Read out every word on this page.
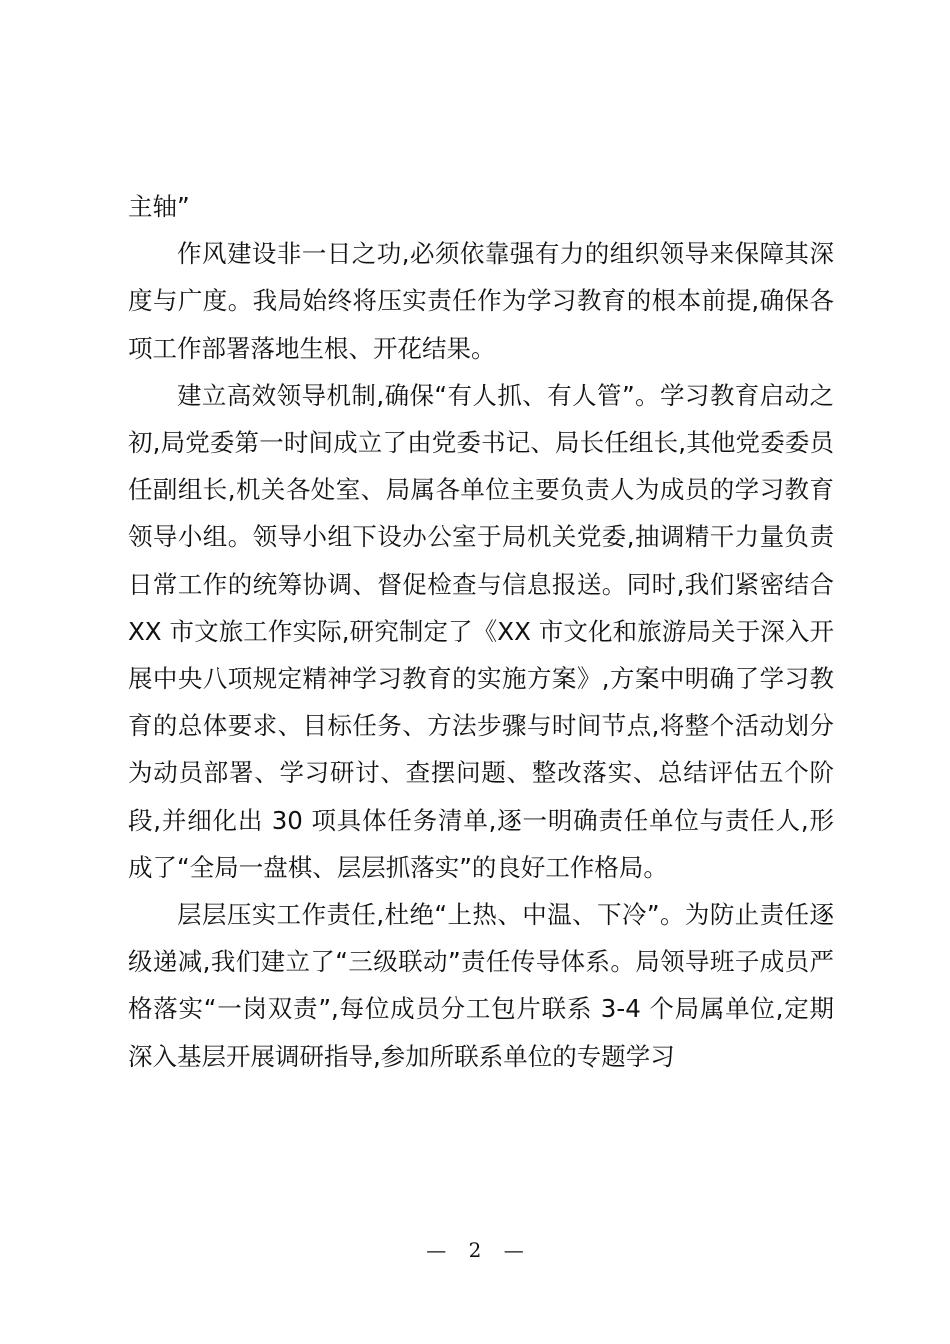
主轴”

作风建设非一日之功,必须依靠强有力的组织领导来保障其深度与广度。我局始终将压实责任作为学习教育的根本前提,确保各项工作部署落地生根、开花结果。

建立高效领导机制,确保“有人抓、有人管”。学习教育启动之初,局党委第一时间成立了由党委书记、局长任组长,其他党委委员任副组长,机关各处室、局属各单位主要负责人为成员的学习教育领导小组。领导小组下设办公室于局机关党委,抽调精干力量负责日常工作的统筹协调、督促检查与信息报送。同时,我们紧密结合 XX 市文旅工作实际,研究制定了《XX 市文化和旅游局关于深入开展中央八项规定精神学习教育的实施方案》,方案中明确了学习教育的总体要求、目标任务、方法步骤与时间节点,将整个活动划分为动员部署、学习研讨、查摆问题、整改落实、总结评估五个阶段,并细化出 30 项具体任务清单,逐一明确责任单位与责任人,形成了“全局一盘棋、层层抓落实”的良好工作格局。

层层压实工作责任,杜绝“上热、中温、下冷”。为防止责任逐级递减,我们建立了“三级联动”责任传导体系。局领导班子成员严格落实“一岗双责”,每位成员分工包片联系 3-4 个局属单位,定期深入基层开展调研指导,参加所联系单位的专题学习

— 2 —
